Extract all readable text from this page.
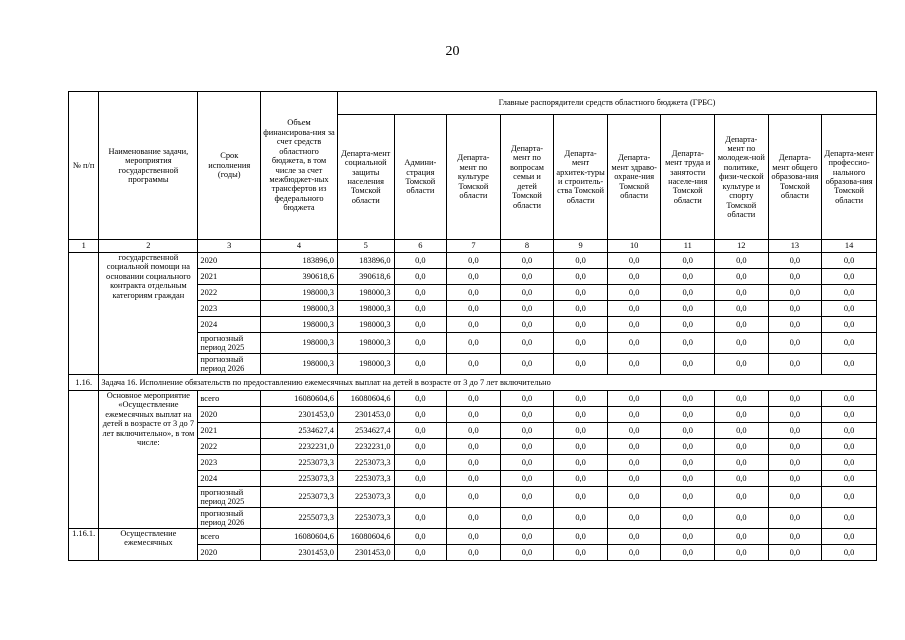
20
№ п/п	Наименование задачи, мероприятия государственной программы	Срок исполнения (годы)	Объем финансирова-ния за счет средств областного бюджета, в том числе за счет межбюджет-ных трансфертов из федерального бюджета	Главные распорядители средств областного бюджета (ГРБС)									
				Департа-мент социальной защиты населения Томской области	Админи-страция Томской области	Департа-мент по культуре Томской области	Департа-мент по вопросам семьи и детей Томской области	Департа-мент архитек-туры и строитель-ства Томской области	Департа-мент здраво-охране-ния Томской области	Департа-мент труда и занятости населе-ния Томской области	Департа-мент по молодеж-ной политике, физи-ческой культуре и спорту Томской области	Департа-мент общего образова-ния Томской области	Департа-мент профессио-нального образова-ния Томской области
1	2	3	4	5	6	7	8	9	10	11	12	13	14
	государственной социальной помощи на основании социального контракта отдельным категориям граждан	2020	183896,0	183896,0	0,0	0,0	0,0	0,0	0,0	0,0	0,0	0,0	0,0
		2021	390618,6	390618,6	0,0	0,0	0,0	0,0	0,0	0,0	0,0	0,0	0,0
		2022	198000,3	198000,3	0,0	0,0	0,0	0,0	0,0	0,0	0,0	0,0	0,0
		2023	198000,3	198000,3	0,0	0,0	0,0	0,0	0,0	0,0	0,0	0,0	0,0
		2024	198000,3	198000,3	0,0	0,0	0,0	0,0	0,0	0,0	0,0	0,0	0,0
		прогнозный период 2025	198000,3	198000,3	0,0	0,0	0,0	0,0	0,0	0,0	0,0	0,0	0,0
		прогнозный период 2026	198000,3	198000,3	0,0	0,0	0,0	0,0	0,0	0,0	0,0	0,0	0,0
1.16.	Задача 16. Исполнение обязательств по предоставлению ежемесячных выплат на детей в возрасте от 3 до 7 лет включительно												
	Основное мероприятие «Осуществление ежемесячных выплат на детей в возрасте от 3 до 7 лет включительно», в том числе:	всего	16080604,6	16080604,6	0,0	0,0	0,0	0,0	0,0	0,0	0,0	0,0	0,0
		2020	2301453,0	2301453,0	0,0	0,0	0,0	0,0	0,0	0,0	0,0	0,0	0,0
		2021	2534627,4	2534627,4	0,0	0,0	0,0	0,0	0,0	0,0	0,0	0,0	0,0
		2022	2232231,0	2232231,0	0,0	0,0	0,0	0,0	0,0	0,0	0,0	0,0	0,0
		2023	2253073,3	2253073,3	0,0	0,0	0,0	0,0	0,0	0,0	0,0	0,0	0,0
		2024	2253073,3	2253073,3	0,0	0,0	0,0	0,0	0,0	0,0	0,0	0,0	0,0
		прогнозный период 2025	2253073,3	2253073,3	0,0	0,0	0,0	0,0	0,0	0,0	0,0	0,0	0,0
		прогнозный период 2026	2255073,3	2253073,3	0,0	0,0	0,0	0,0	0,0	0,0	0,0	0,0	0,0
1.16.1.	Осуществление ежемесячных	всего	16080604,6	16080604,6	0,0	0,0	0,0	0,0	0,0	0,0	0,0	0,0	0,0
		2020	2301453,0	2301453,0	0,0	0,0	0,0	0,0	0,0	0,0	0,0	0,0	0,0
